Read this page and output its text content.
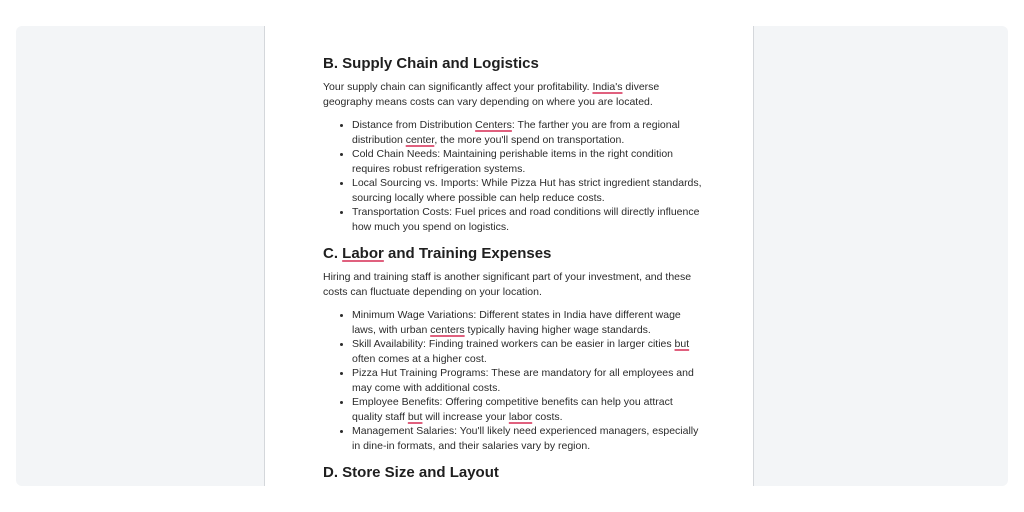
B. Supply Chain and Logistics

Your supply chain can significantly affect your profitability. India's diverse geography means costs can vary depending on where you are located.

• Distance from Distribution Centers: The farther you are from a regional distribution center, the more you'll spend on transportation.
• Cold Chain Needs: Maintaining perishable items in the right condition requires robust refrigeration systems.
• Local Sourcing vs. Imports: While Pizza Hut has strict ingredient standards, sourcing locally where possible can help reduce costs.
• Transportation Costs: Fuel prices and road conditions will directly influence how much you spend on logistics.
C. Labor and Training Expenses

Hiring and training staff is another significant part of your investment, and these costs can fluctuate depending on your location.

• Minimum Wage Variations: Different states in India have different wage laws, with urban centers typically having higher wage standards.
• Skill Availability: Finding trained workers can be easier in larger cities but often comes at a higher cost.
• Pizza Hut Training Programs: These are mandatory for all employees and may come with additional costs.
• Employee Benefits: Offering competitive benefits can help you attract quality staff but will increase your labor costs.
• Management Salaries: You'll likely need experienced managers, especially in dine-in formats, and their salaries vary by region.
D. Store Size and Layout
